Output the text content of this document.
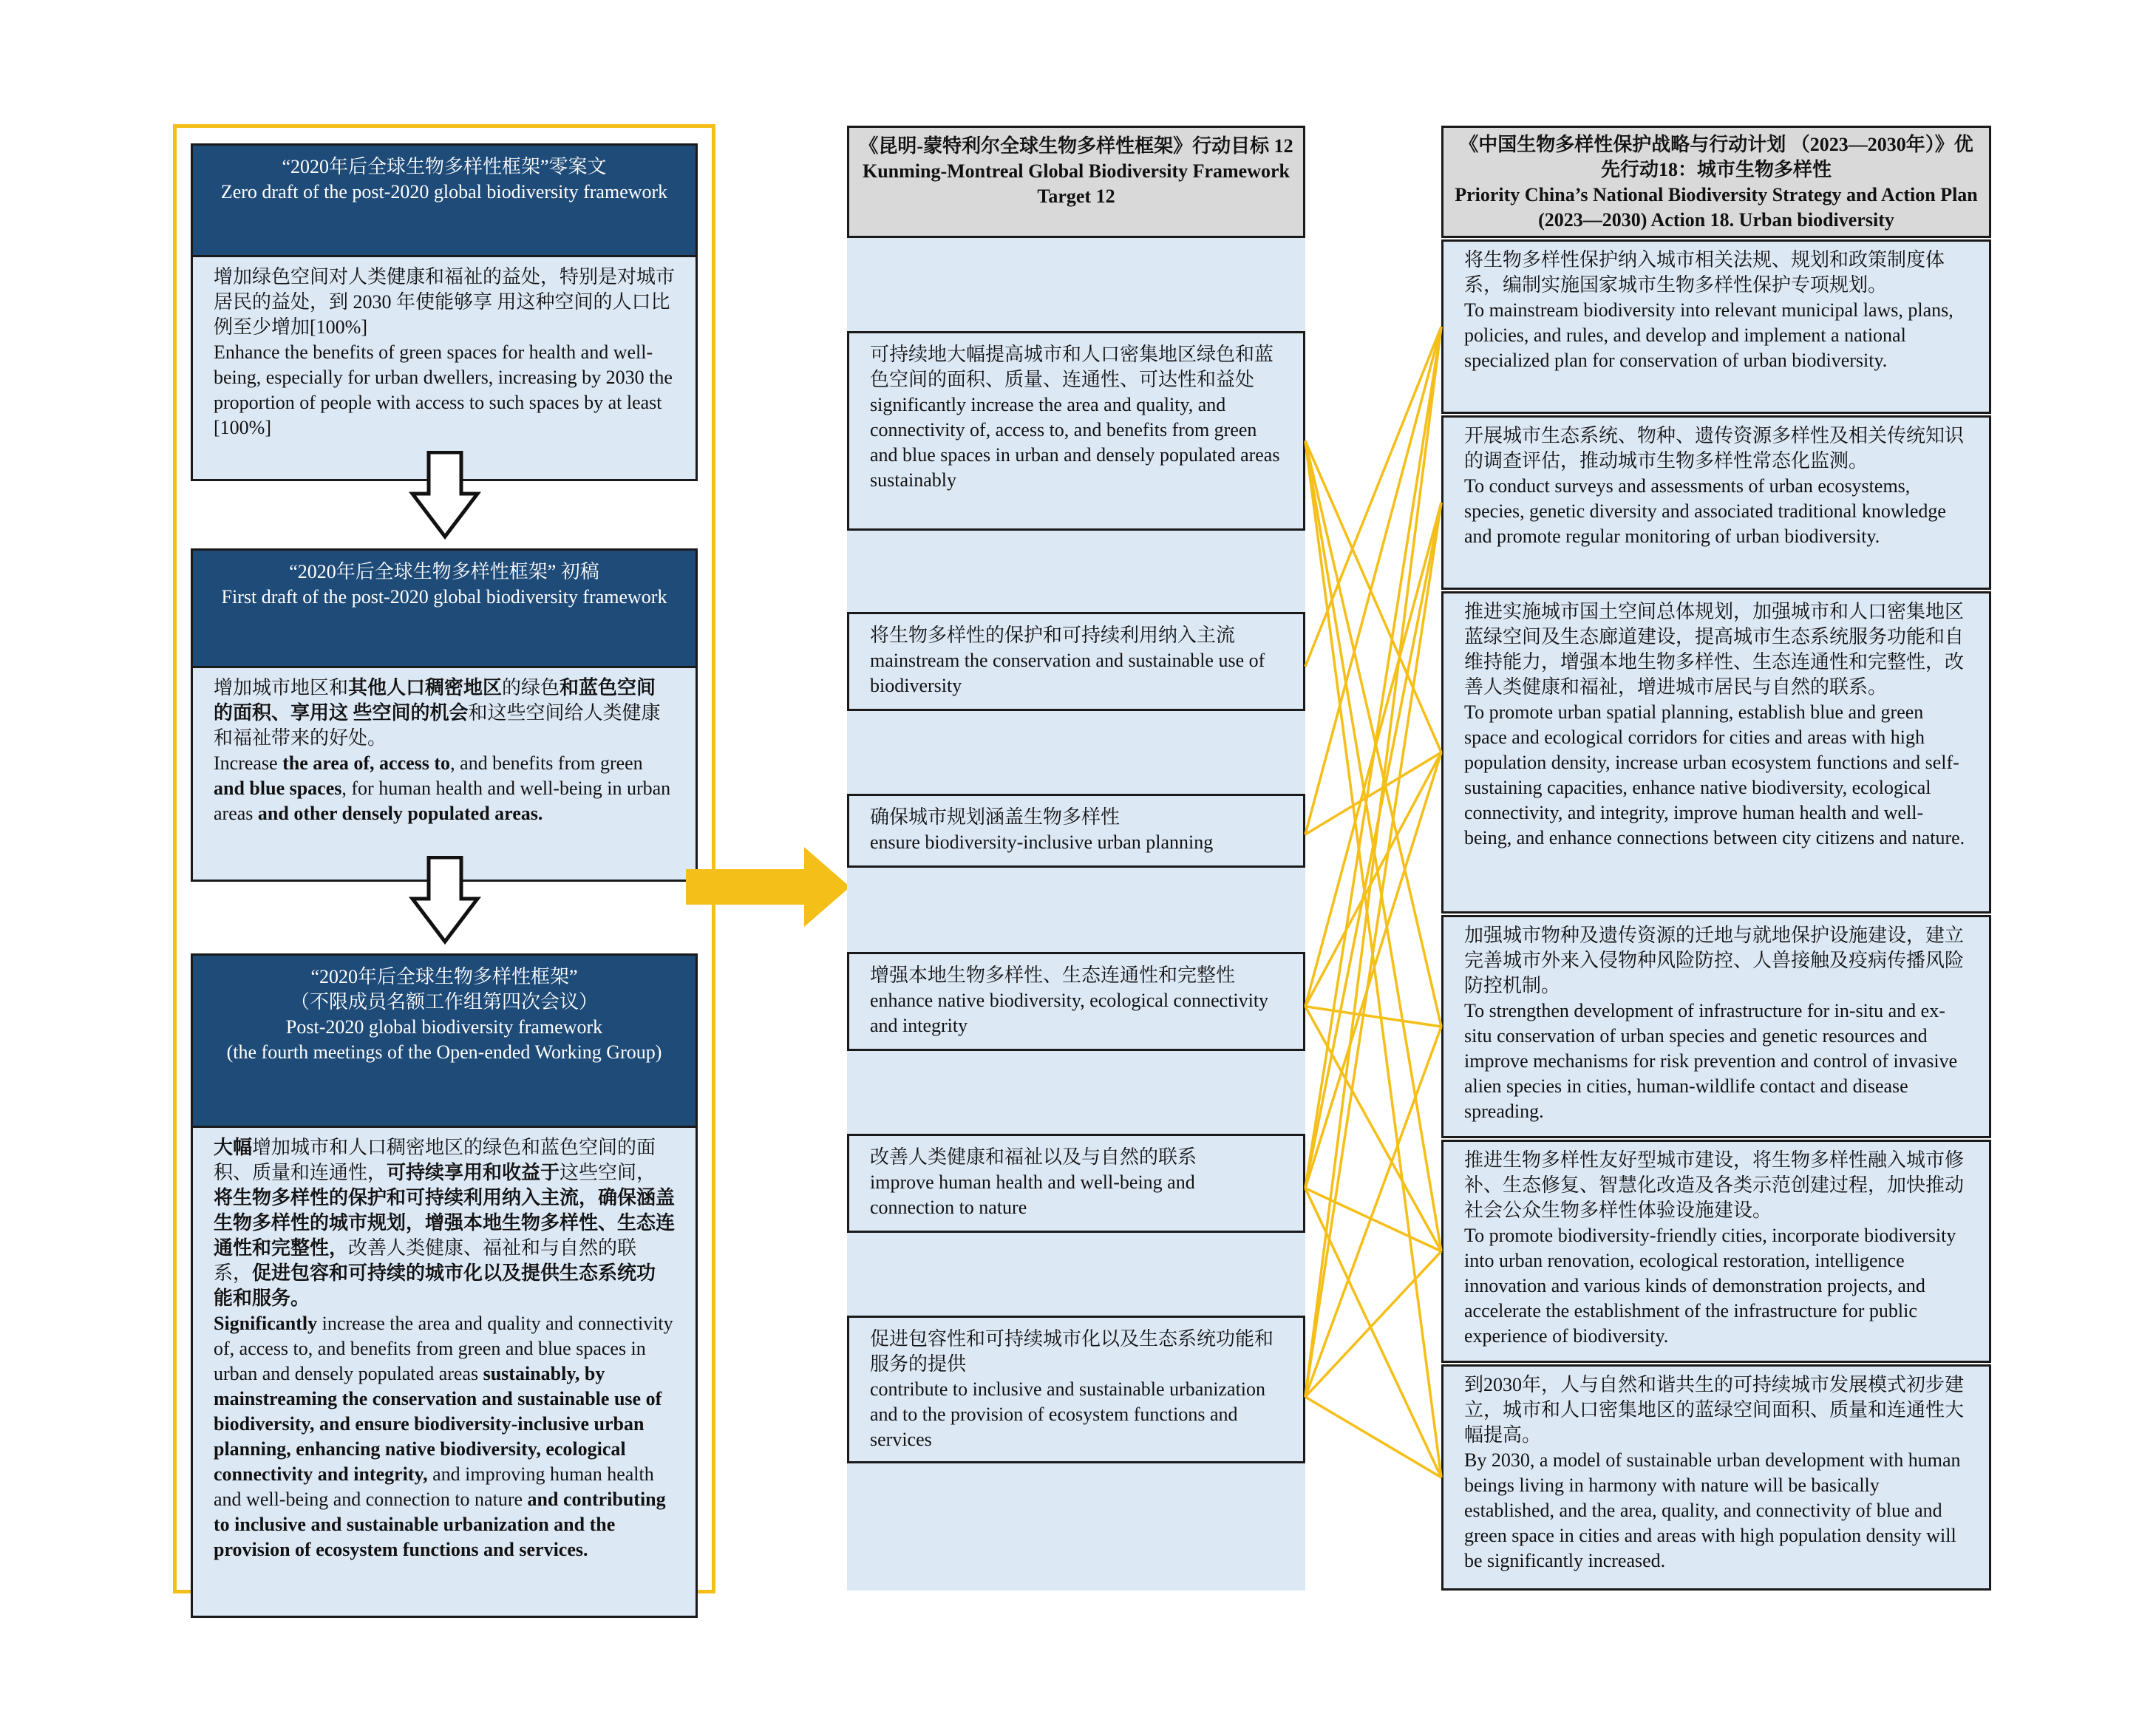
“2020年后全球生物多样性框架”零案文
Zero draft of the post-2020 global biodiversity framework
增加绿色空间对人类健康和福祉的益处，特别是对城市居民的益处，到 2030 年使能够享 用这种空间的人口比例至少增加[100%]
Enhance the benefits of green spaces for health and well-being, especially for urban dwellers, increasing by 2030 the proportion of people with access to such spaces by at least [100%]
“2020年后全球生物多样性框架” 初稿
First draft of the post-2020 global biodiversity framework
增加城市地区和其他人口稠密地区的绿色和蓝色空间的面积、享用这 些空间的机会和这些空间给人类健康和福祉带来的好处。
Increase the area of, access to, and benefits from green and blue spaces, for human health and well-being in urban areas and other densely populated areas.
“2020年后全球生物多样性框架”
（不限成员名额工作组第四次会议）
Post-2020 global biodiversity framework
(the fourth meetings of the Open-ended Working Group)
大幅增加城市和人口稠密地区的绿色和蓝色空间的面积、质量和连通性，可持续享用和收益于这些空间，将生物多样性的保护和可持续利用纳入主流，确保涵盖生物多样性的城市规划，增强本地生物多样性、生态连通性和完整性，改善人类健康、福祉和与自然的联系，促进包容和可持续的城市化以及提供生态系统功能和服务。
Significantly increase the area and quality and connectivity of, access to, and benefits from green and blue spaces in urban and densely populated areas sustainably, by mainstreaming the conservation and sustainable use of biodiversity, and ensure biodiversity-inclusive urban planning, enhancing native biodiversity, ecological connectivity and integrity, and improving human health and well-being and connection to nature and contributing to inclusive and sustainable urbanization and the provision of ecosystem functions and services.
《昆明-蒙特利尔全球生物多样性框架》行动目标 12
Kunming-Montreal Global Biodiversity Framework Target 12
可持续地大幅提高城市和人口密集地区绿色和蓝色空间的面积、质量、连通性、可达性和益处
significantly increase the area and quality, and connectivity of, access to, and benefits from green and blue spaces in urban and densely populated areas sustainably
将生物多样性的保护和可持续利用纳入主流
mainstream the conservation and sustainable use of biodiversity
确保城市规划涵盖生物多样性
ensure biodiversity-inclusive urban planning
增强本地生物多样性、生态连通性和完整性
enhance native biodiversity, ecological connectivity and integrity
改善人类健康和福祉以及与自然的联系
improve human health and well-being and connection to nature
促进包容性和可持续城市化以及生态系统功能和服务的提供
contribute to inclusive and sustainable urbanization and to the provision of ecosystem functions and services
《中国生物多样性保护战略与行动计划 （2023—2030年）》优先行动18：城市生物多样性
Priority China’s National Biodiversity Strategy and Action Plan (2023—2030) Action 18. Urban biodiversity
将生物多样性保护纳入城市相关法规、规划和政策制度体系，编制实施国家城市生物多样性保护专项规划。
To mainstream biodiversity into relevant municipal laws, plans, policies, and rules, and develop and implement a national specialized plan for conservation of urban biodiversity.
开展城市生态系统、物种、遗传资源多样性及相关传统知识的调查评估，推动城市生物多样性常态化监测。
To conduct surveys and assessments of urban ecosystems, species, genetic diversity and associated traditional knowledge and promote regular monitoring of urban biodiversity.
推进实施城市国土空间总体规划，加强城市和人口密集地区蓝绿空间及生态廊道建设，提高城市生态系统服务功能和自维持能力，增强本地生物多样性、生态连通性和完整性，改善人类健康和福祉，增进城市居民与自然的联系。
To promote urban spatial planning, establish blue and green space and ecological corridors for cities and areas with high population density, increase urban ecosystem functions and self-sustaining capacities, enhance native biodiversity, ecological connectivity, and integrity, improve human health and well-being, and enhance connections between city citizens and nature.
加强城市物种及遗传资源的迁地与就地保护设施建设，建立完善城市外来入侵物种风险防控、人兽接触及疫病传播风险防控机制。
To strengthen development of infrastructure for in-situ and ex-situ conservation of urban species and genetic resources and improve mechanisms for risk prevention and control of invasive alien species in cities, human-wildlife contact and disease spreading.
推进生物多样性友好型城市建设，将生物多样性融入城市修补、生态修复、智慧化改造及各类示范创建过程，加快推动社会公众生物多样性体验设施建设。
To promote biodiversity-friendly cities, incorporate biodiversity into urban renovation, ecological restoration, intelligence innovation and various kinds of demonstration projects, and accelerate the establishment of the infrastructure for public experience of biodiversity.
到2030年，人与自然和谐共生的可持续城市发展模式初步建立，城市和人口密集地区的蓝绿空间面积、质量和连通性大幅提高。
By 2030, a model of sustainable urban development with human beings living in harmony with nature will be basically established, and the area, quality, and connectivity of blue and green space in cities and areas with high population density will be significantly increased.
